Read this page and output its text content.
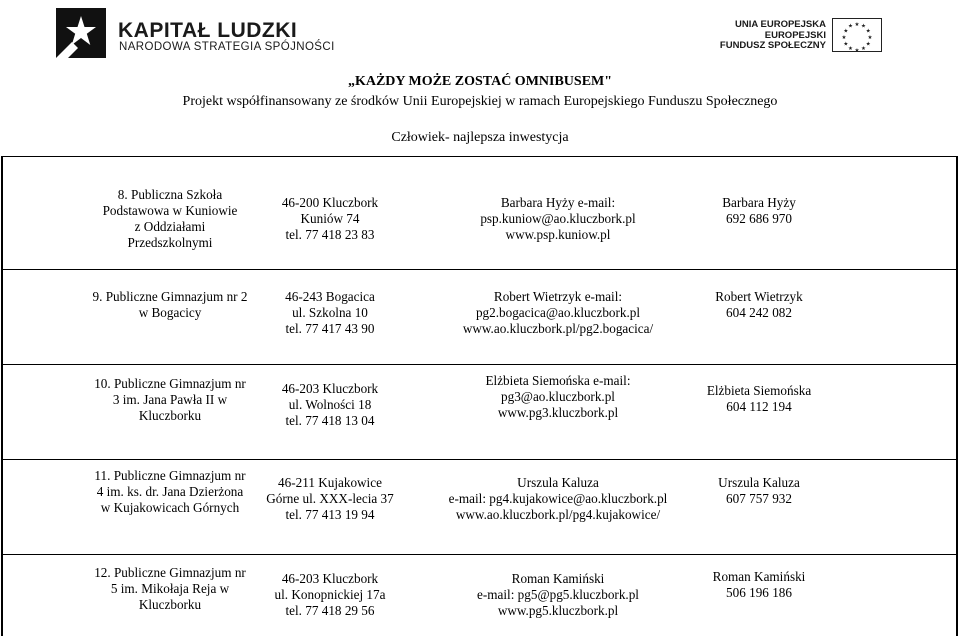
KAPITAŁ LUDZKI
NARODOWA STRATEGIA SPÓJNOŚCI
UNIA EUROPEJSKA
EUROPEJSKI
FUNDUSZ SPOŁECZNY
★ ★
★
★
★
★
★
★
★
★
★
★
„KAŻDY MOŻE ZOSTAĆ OMNIBUSEM"
Projekt współfinansowany ze środków Unii Europejskiej w ramach Europejskiego Funduszu Społecznego
Człowiek- najlepsza inwestycja
8. Publiczna Szkoła
Podstawowa w Kuniowie
z Oddziałami
Przedszkolnymi
46-200 Kluczbork
Kuniów 74
tel. 77 418 23 83
Barbara Hyży e-mail:
psp.kuniow@ao.kluczbork.pl
www.psp.kuniow.pl
Barbara Hyży
692 686 970
9. Publiczne Gimnazjum nr 2
w Bogacicy
46-243 Bogacica
ul. Szkolna 10
tel. 77 417 43 90
Robert Wietrzyk e-mail:
pg2.bogacica@ao.kluczbork.pl
www.ao.kluczbork.pl/pg2.bogacica/
Robert Wietrzyk
604 242 082
10. Publiczne Gimnazjum nr
3 im. Jana Pawła II w
Kluczborku
46-203 Kluczbork
ul. Wolności 18
tel. 77 418 13 04
Elżbieta Siemońska e-mail:
pg3@ao.kluczbork.pl
www.pg3.kluczbork.pl
Elżbieta Siemońska
604 112 194
11. Publiczne Gimnazjum nr
4 im. ks. dr. Jana Dzierżona
w Kujakowicach Górnych
46-211 Kujakowice
Górne ul. XXX-lecia 37
tel. 77 413 19 94
Urszula Kaluza
e-mail: pg4.kujakowice@ao.kluczbork.pl
www.ao.kluczbork.pl/pg4.kujakowice/
Urszula Kaluza
607 757 932
12. Publiczne Gimnazjum nr
5 im. Mikołaja Reja w
Kluczborku
46-203 Kluczbork
ul. Konopnickiej 17a
tel. 77 418 29 56
Roman Kamiński
e-mail: pg5@pg5.kluczbork.pl
www.pg5.kluczbork.pl
Roman Kamiński
506 196 186
